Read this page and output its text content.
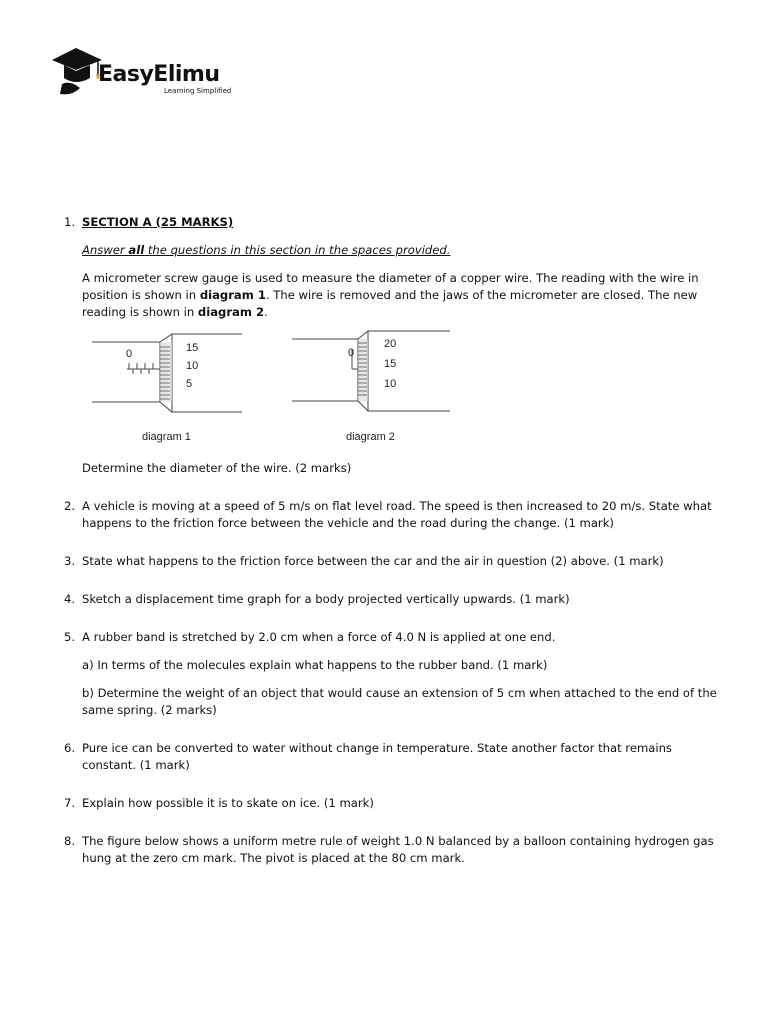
EasyElimu
Learning Simplified
1. SECTION A (25 MARKS)

Answer all the questions in this section in the spaces provided.

A micrometer screw gauge is used to measure the diameter of a copper wire. The reading with the wire in position is shown in diagram 1. The wire is removed and the jaws of the micrometer are closed. The new reading is shown in diagram 2.

0	15
10
5
diagram 1
0
20
15
10
diagram 2

Determine the diameter of the wire. (2 marks)

2. A vehicle is moving at a speed of 5 m/s on flat level road. The speed is then increased to 20 m/s. State what happens to the friction force between the vehicle and the road during the change. (1 mark)

3. State what happens to the friction force between the car and the air in question (2) above. (1 mark)

4. Sketch a displacement time graph for a body projected vertically upwards. (1 mark)

5. A rubber band is stretched by 2.0 cm when a force of 4.0 N is applied at one end.

a) In terms of the molecules explain what happens to the rubber band. (1 mark)

b) Determine the weight of an object that would cause an extension of 5 cm when attached to the end of the same spring. (2 marks)

6. Pure ice can be converted to water without change in temperature. State another factor that remains constant. (1 mark)

7. Explain how possible it is to skate on ice. (1 mark)

8. The figure below shows a uniform metre rule of weight 1.0 N balanced by a balloon containing hydrogen gas hung at the zero cm mark. The pivot is placed at the 80 cm mark.
